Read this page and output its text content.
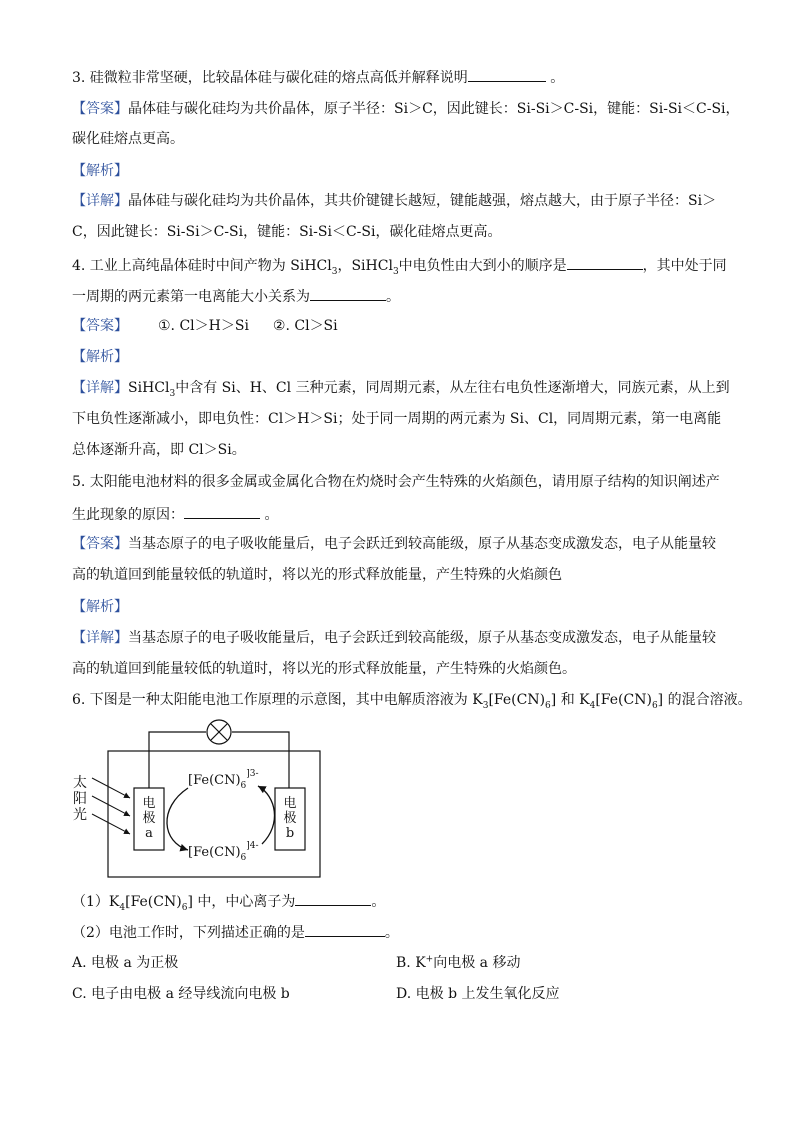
3. 硅微粒非常坚硬，比较晶体硅与碳化硅的熔点高低并解释说明	。
【答案】晶体硅与碳化硅均为共价晶体，原子半径：Si＞C，因此键长：Si-Si＞C-Si，键能：Si-Si＜C-Si，
碳化硅熔点更高。
【解析】
【详解】晶体硅与碳化硅均为共价晶体，其共价键键长越短，键能越强，熔点越大，由于原子半径：Si＞
C，因此键长：Si-Si＞C-Si，键能：Si-Si＜C-Si，碳化硅熔点更高。
4. 工业上高纯晶体硅时中间产物为 SiHCl$_3$，SiHCl$_3$中电负性由大到小的顺序是	，其中处于同
一周期的两元素第一电离能大小关系为	。
【答案】 ①. Cl＞H＞Si ②. Cl＞Si
【解析】
【详解】SiHCl$_3$中含有 Si、H、Cl 三种元素，同周期元素，从左往右电负性逐渐增大，同族元素，从上到
下电负性逐渐减小，即电负性：Cl＞H＞Si；处于同一周期的两元素为 Si、Cl，同周期元素，第一电离能
总体逐渐升高，即 Cl＞Si。
5. 太阳能电池材料的很多金属或金属化合物在灼烧时会产生特殊的火焰颜色，请用原子结构的知识阐述产
生此现象的原因：	。
【答案】当基态原子的电子吸收能量后，电子会跃迁到较高能级，原子从基态变成激发态，电子从能量较
高的轨道回到能量较低的轨道时，将以光的形式释放能量，产生特殊的火焰颜色
【解析】
【详解】当基态原子的电子吸收能量后，电子会跃迁到较高能级，原子从基态变成激发态，电子从能量较
高的轨道回到能量较低的轨道时，将以光的形式释放能量，产生特殊的火焰颜色。
6. 下图是一种太阳能电池工作原理的示意图，其中电解质溶液为 $K_3[Fe(CN)_6]$ 和 $K_4[Fe(CN)_6]$ 的混合溶液。
电
极
a
电
极
b
太
阳
光
[$Fe(CN)_6^{]3-}$
[$Fe(CN)_6^{]4-}$
$(1)K_4[Fe(CN)_6]$ 中，中心离子为	。
（2）电池工作时，下列描述正确的是	。
A. 电极 a 为正极	B. K+向电极 a 移动
C. 电子由电极 a 经导线流向电极 b	D. 电极 b 上发生氧化反应
